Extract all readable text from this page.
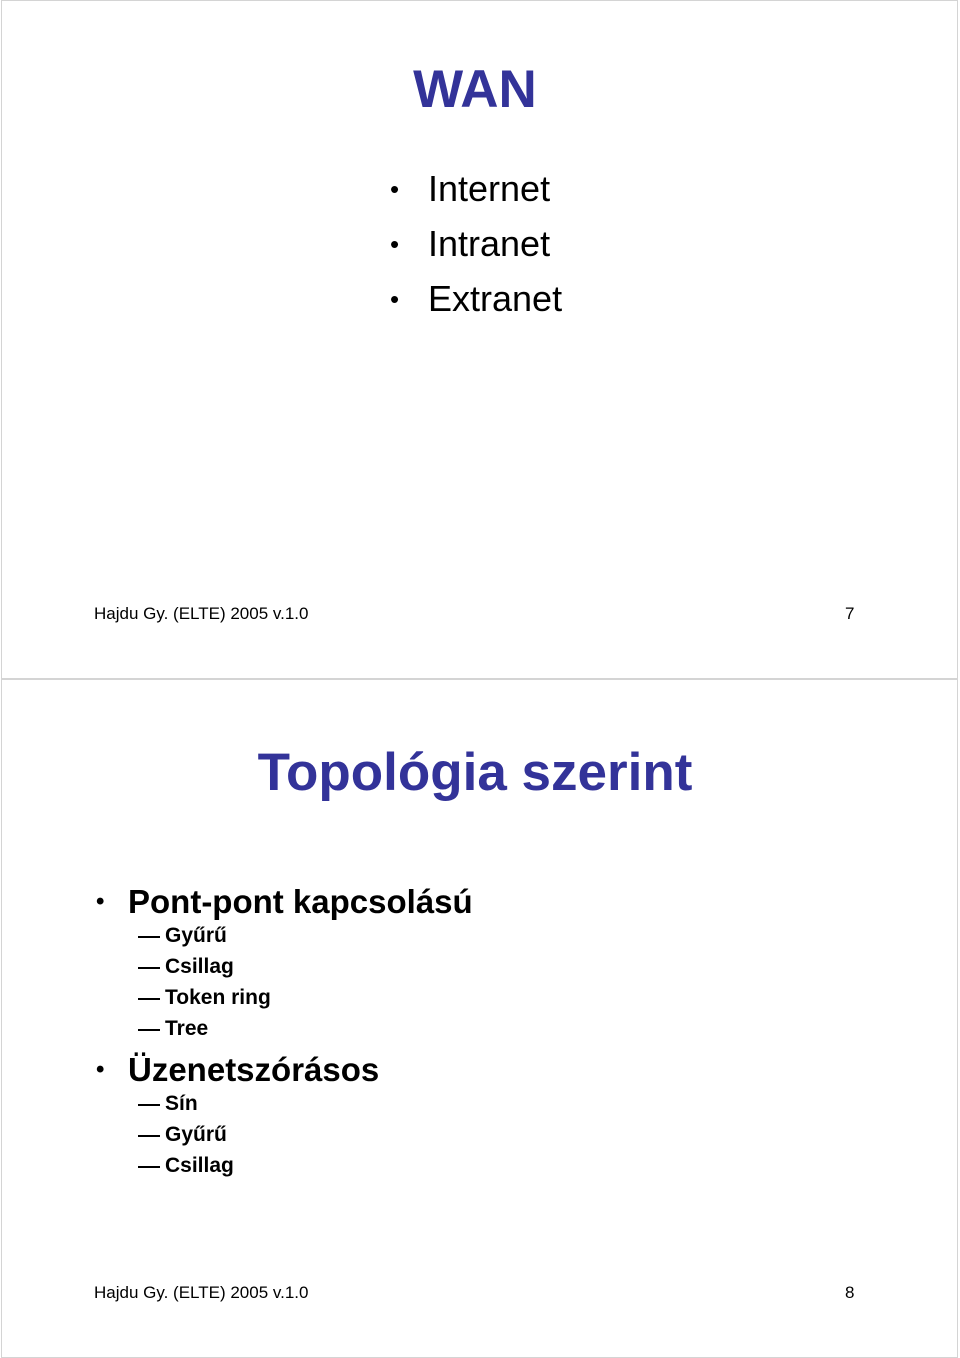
WAN
• Internet
• Intranet
• Extranet
Hajdu Gy. (ELTE) 2005 v.1.0	7
Topológia szerint
• Pont-pont kapcsolású
Gyűrű
Csillag
Token ring
Tree
• Üzenetszórásos
Sín
Gyűrű
Csillag
Hajdu Gy. (ELTE) 2005 v.1.0	8
